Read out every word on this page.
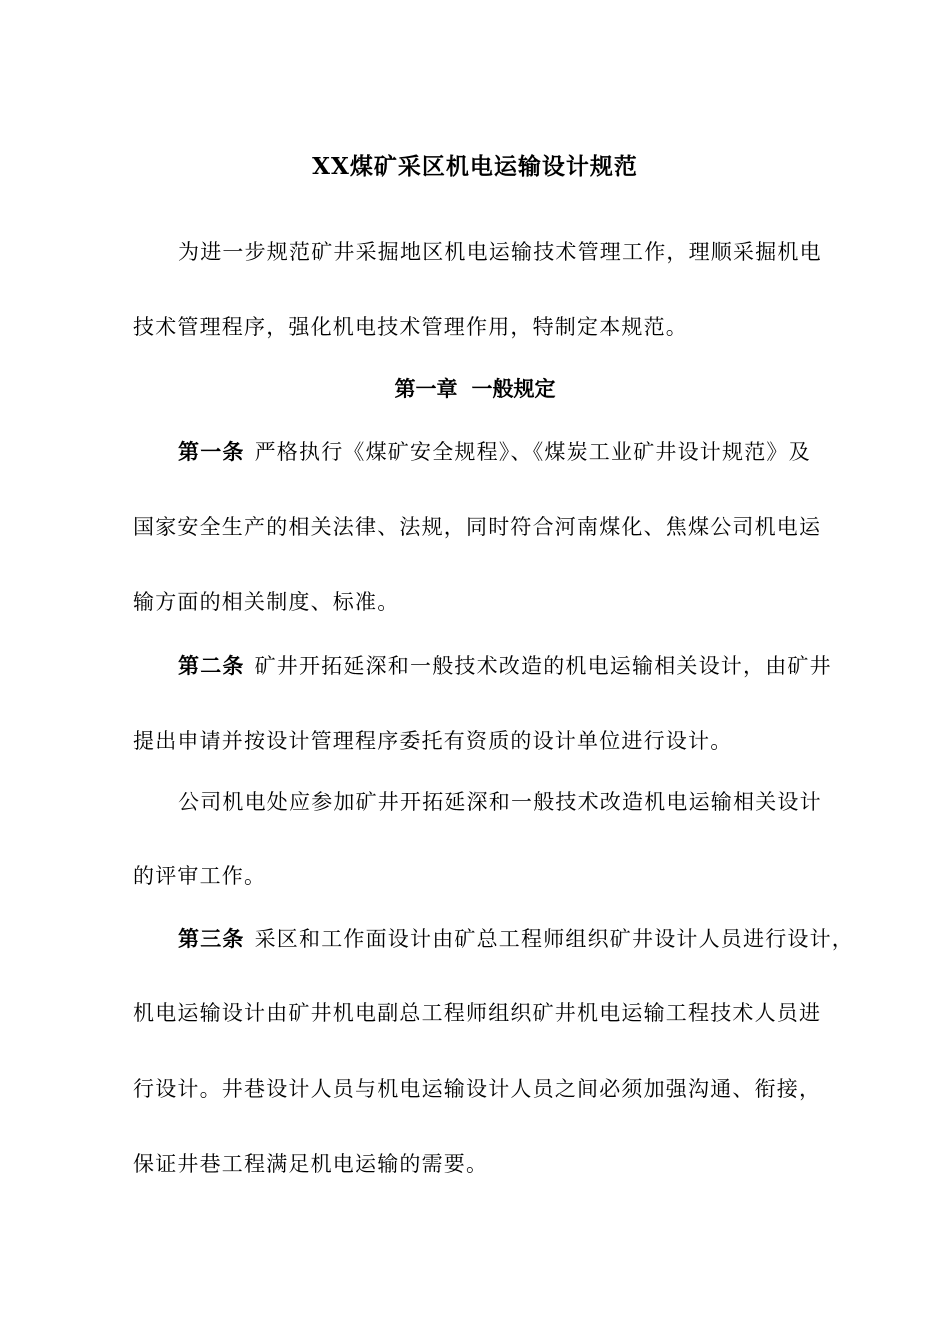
XX煤矿采区机电运输设计规范
为进一步规范矿井采掘地区机电运输技术管理工作，理顺采掘机电
技术管理程序，强化机电技术管理作用，特制定本规范。
第一章 一般规定
第一条 严格执行《煤矿安全规程》、《煤炭工业矿井设计规范》及
国家安全生产的相关法律、法规，同时符合河南煤化、焦煤公司机电运
输方面的相关制度、标准。
第二条 矿井开拓延深和一般技术改造的机电运输相关设计，由矿井
提出申请并按设计管理程序委托有资质的设计单位进行设计。
公司机电处应参加矿井开拓延深和一般技术改造机电运输相关设计
的评审工作。
第三条 采区和工作面设计由矿总工程师组织矿井设计人员进行设计，
机电运输设计由矿井机电副总工程师组织矿井机电运输工程技术人员进
行设计。井巷设计人员与机电运输设计人员之间必须加强沟通、衔接，
保证井巷工程满足机电运输的需要。
